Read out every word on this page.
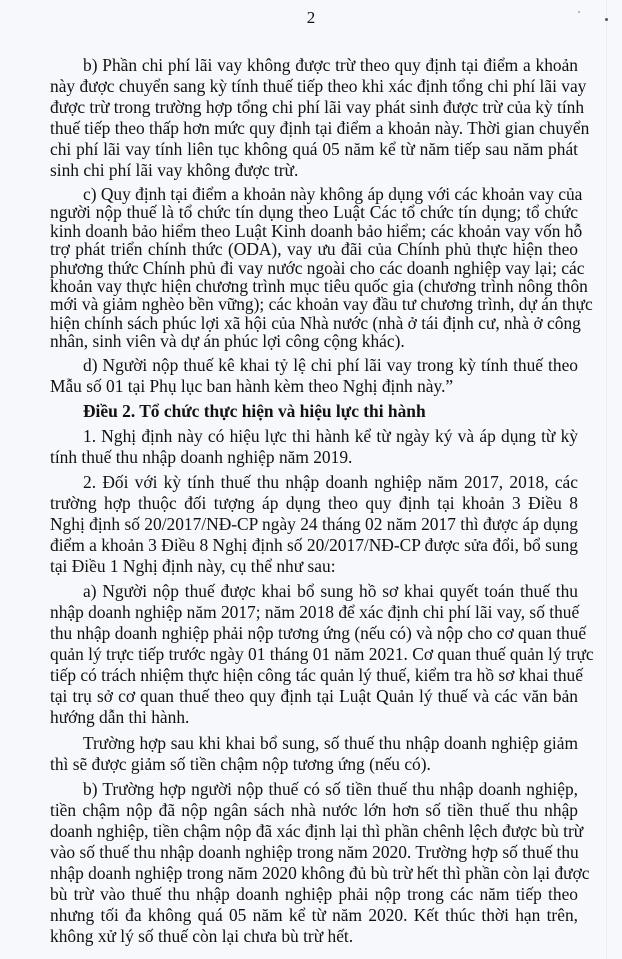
2
b) Phần chi phí lãi vay không được trừ theo quy định tại điểm a khoản
này được chuyển sang kỳ tính thuế tiếp theo khi xác định tổng chi phí lãi vay
được trừ trong trường hợp tổng chi phí lãi vay phát sinh được trừ của kỳ tính
thuế tiếp theo thấp hơn mức quy định tại điểm a khoản này. Thời gian chuyển
chi phí lãi vay tính liên tục không quá 05 năm kể từ năm tiếp sau năm phát
sinh chi phí lãi vay không được trừ.
c) Quy định tại điểm a khoản này không áp dụng với các khoản vay của
người nộp thuế là tổ chức tín dụng theo Luật Các tổ chức tín dụng; tổ chức
kinh doanh bảo hiểm theo Luật Kinh doanh bảo hiểm; các khoản vay vốn hỗ
trợ phát triển chính thức (ODA), vay ưu đãi của Chính phủ thực hiện theo
phương thức Chính phủ đi vay nước ngoài cho các doanh nghiệp vay lại; các
khoản vay thực hiện chương trình mục tiêu quốc gia (chương trình nông thôn
mới và giảm nghèo bền vững); các khoản vay đầu tư chương trình, dự án thực
hiện chính sách phúc lợi xã hội của Nhà nước (nhà ở tái định cư, nhà ở công
nhân, sinh viên và dự án phúc lợi công cộng khác).
d) Người nộp thuế kê khai tỷ lệ chi phí lãi vay trong kỳ tính thuế theo
Mẫu số 01 tại Phụ lục ban hành kèm theo Nghị định này.”
Điều 2. Tổ chức thực hiện và hiệu lực thi hành
1. Nghị định này có hiệu lực thi hành kể từ ngày ký và áp dụng từ kỳ
tính thuế thu nhập doanh nghiệp năm 2019.
2. Đối với kỳ tính thuế thu nhập doanh nghiệp năm 2017, 2018, các
trường hợp thuộc đối tượng áp dụng theo quy định tại khoản 3 Điều 8
Nghị định số 20/2017/NĐ-CP ngày 24 tháng 02 năm 2017 thì được áp dụng
điểm a khoản 3 Điều 8 Nghị định số 20/2017/NĐ-CP được sửa đổi, bổ sung
tại Điều 1 Nghị định này, cụ thể như sau:
a) Người nộp thuế được khai bổ sung hồ sơ khai quyết toán thuế thu
nhập doanh nghiệp năm 2017; năm 2018 để xác định chi phí lãi vay, số thuế
thu nhập doanh nghiệp phải nộp tương ứng (nếu có) và nộp cho cơ quan thuế
quản lý trực tiếp trước ngày 01 tháng 01 năm 2021. Cơ quan thuế quản lý trực
tiếp có trách nhiệm thực hiện công tác quản lý thuế, kiểm tra hồ sơ khai thuế
tại trụ sở cơ quan thuế theo quy định tại Luật Quản lý thuế và các văn bản
hướng dẫn thi hành.
Trường hợp sau khi khai bổ sung, số thuế thu nhập doanh nghiệp giảm
thì sẽ được giảm số tiền chậm nộp tương ứng (nếu có).
b) Trường hợp người nộp thuế có số tiền thuế thu nhập doanh nghiệp,
tiền chậm nộp đã nộp ngân sách nhà nước lớn hơn số tiền thuế thu nhập
doanh nghiệp, tiền chậm nộp đã xác định lại thì phần chênh lệch được bù trừ
vào số thuế thu nhập doanh nghiệp trong năm 2020. Trường hợp số thuế thu
nhập doanh nghiệp trong năm 2020 không đủ bù trừ hết thì phần còn lại được
bù trừ vào thuế thu nhập doanh nghiệp phải nộp trong các năm tiếp theo
nhưng tối đa không quá 05 năm kể từ năm 2020. Kết thúc thời hạn trên,
không xử lý số thuế còn lại chưa bù trừ hết.
